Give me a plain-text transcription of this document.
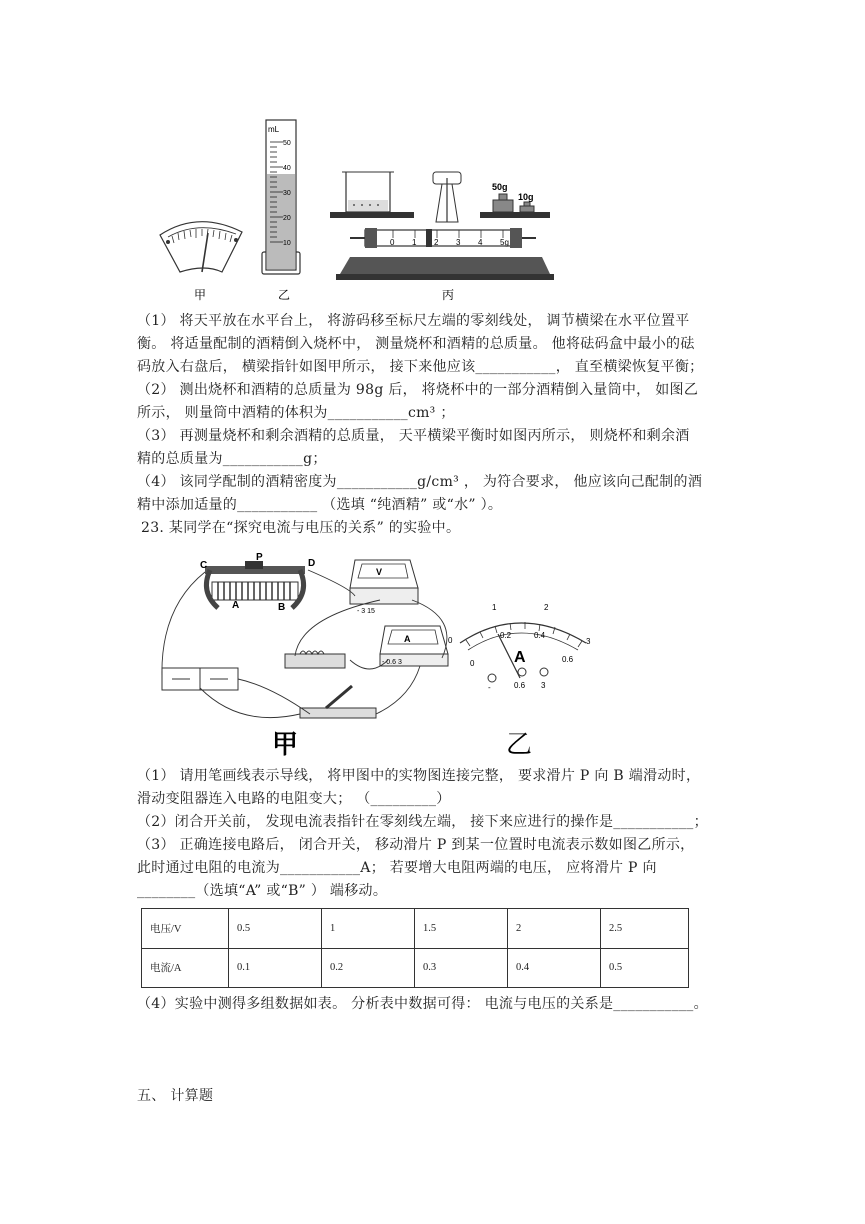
mL
50
40
30
20
10
50g
10g
0 1 2 3 4 5g
甲	乙	丙
（1） 将天平放在水平台上， 将游码移至标尺左端的零刻线处， 调节横梁在水平位置平
衡。 将适量配制的酒精倒入烧杯中， 测量烧杯和酒精的总质量。 他将砝码盒中最小的砝
码放入右盘后， 横梁指针如图甲所示， 接下来他应该___________， 直至横梁恢复平衡；
（2） 测出烧杯和酒精的总质量为 98g 后， 将烧杯中的一部分酒精倒入量筒中， 如图乙
所示， 则量筒中酒精的体积为___________cm³ ；
（3） 再测量烧杯和剩余酒精的总质量， 天平横梁平衡时如图丙所示， 则烧杯和剩余酒
精的总质量为___________g；
（4） 该同学配制的酒精密度为___________g/cm³ ， 为符合要求， 他应该向己配制的酒
精中添加适量的___________ （选填 “纯酒精” 或“水” ）。
23. 某同学在“探究电流与电压的关系” 的实验中。
C
P
D
A	B
V
- 3 15
A
- 0.6 3
0
1	2
3
0
0.2	0.4
0.6
A
-	0.6 3
甲	乙
（1） 请用笔画线表示导线， 将甲图中的实物图连接完整， 要求滑片 P 向 B 端滑动时，
滑动变阻器连入电路的电阻变大； （_________）
（2）闭合开关前， 发现电流表指针在零刻线左端， 接下来应进行的操作是___________；
（3） 正确连接电路后， 闭合开关， 移动滑片 P 到某一位置时电流表示数如图乙所示，
此时通过电阻的电流为___________A； 若要增大电阻两端的电压， 应将滑片 P 向
________（选填“A” 或“B” ） 端移动。
电压/V	0.5	1	1.5	2	2.5
电流/A	0.1	0.2	0.3	0.4	0.5
（4）实验中测得多组数据如表。 分析表中数据可得： 电流与电压的关系是___________。
五、 计算题
